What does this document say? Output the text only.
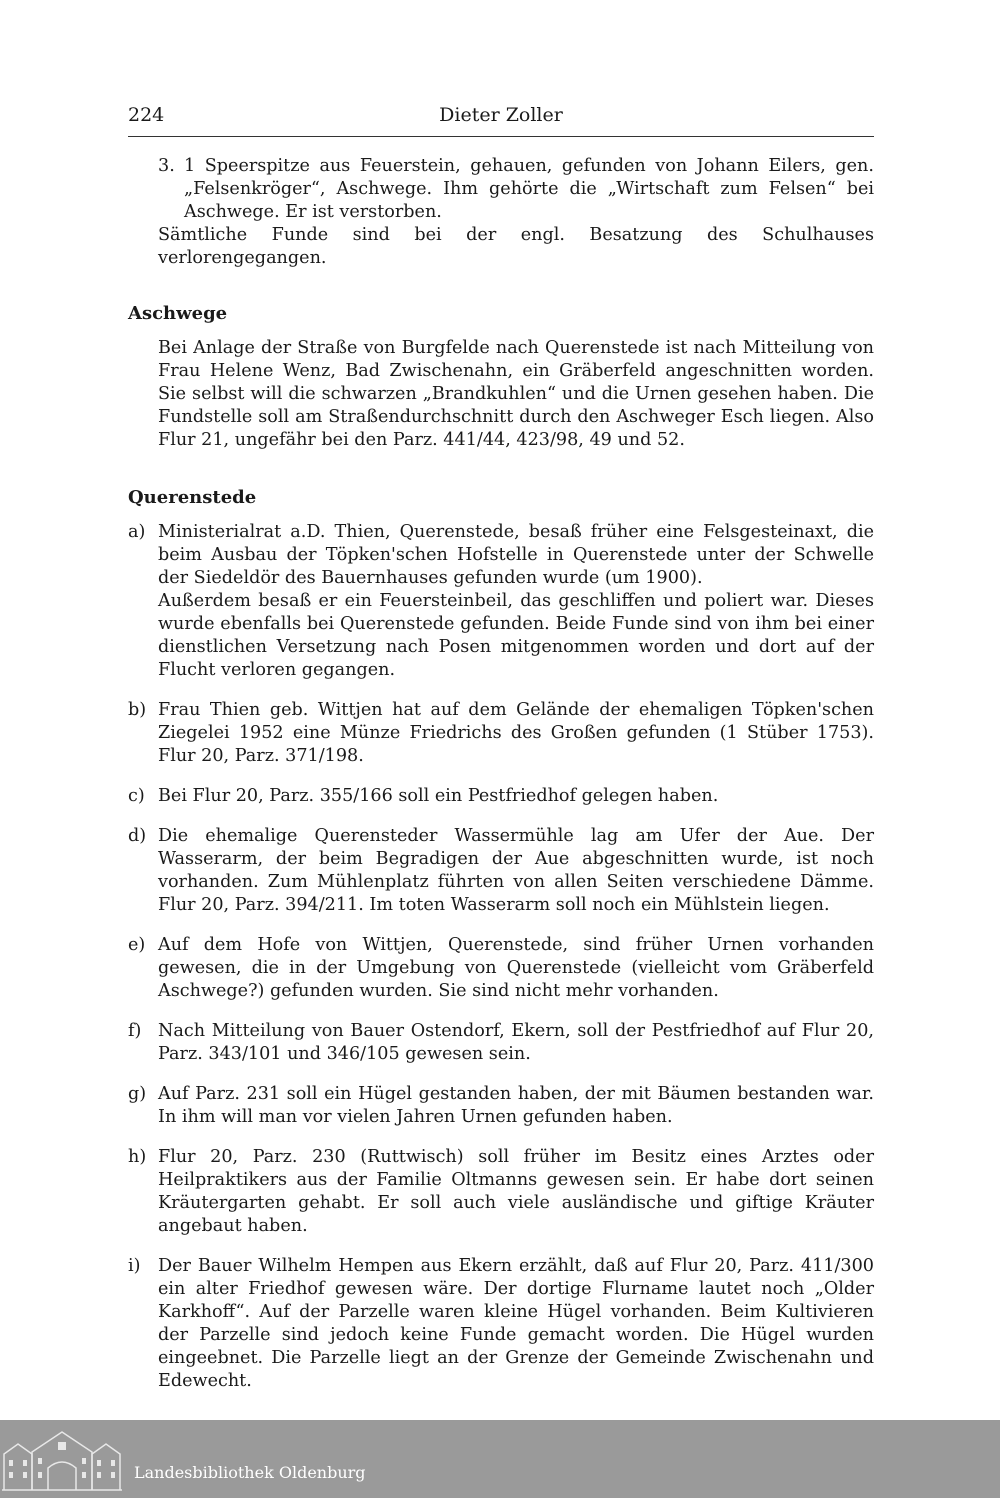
224	Dieter Zoller
3. 1 Speerspitze aus Feuerstein, gehauen, gefunden von Johann Eilers, gen. „Felsenkröger“, Aschwege. Ihm gehörte die „Wirtschaft zum Felsen“ bei Aschwege. Er ist verstorben.
Sämtliche Funde sind bei der engl. Besatzung des Schulhauses verlorengegangen.
Aschwege
Bei Anlage der Straße von Burgfelde nach Querenstede ist nach Mitteilung von Frau Helene Wenz, Bad Zwischenahn, ein Gräberfeld angeschnitten worden. Sie selbst will die schwarzen „Brandkuhlen“ und die Urnen gesehen haben. Die Fundstelle soll am Straßendurchschnitt durch den Aschweger Esch liegen. Also Flur 21, ungefähr bei den Parz. 441/44, 423/98, 49 und 52.
Querenstede
a) Ministerialrat a.D. Thien, Querenstede, besaß früher eine Felsgesteinaxt, die beim Ausbau der Töpken'schen Hofstelle in Querenstede unter der Schwelle der Siedeldör des Bauernhauses gefunden wurde (um 1900).

Außerdem besaß er ein Feuersteinbeil, das geschliffen und poliert war. Dieses wurde ebenfalls bei Querenstede gefunden. Beide Funde sind von ihm bei einer dienstlichen Versetzung nach Posen mitgenommen worden und dort auf der Flucht verloren gegangen.

b) Frau Thien geb. Wittjen hat auf dem Gelände der ehemaligen Töpken'schen Ziegelei 1952 eine Münze Friedrichs des Großen gefunden (1 Stüber 1753). Flur 20, Parz. 371/198.

c) Bei Flur 20, Parz. 355/166 soll ein Pestfriedhof gelegen haben.

d) Die ehemalige Querensteder Wassermühle lag am Ufer der Aue. Der Wasserarm, der beim Begradigen der Aue abgeschnitten wurde, ist noch vorhanden. Zum Mühlenplatz führten von allen Seiten verschiedene Dämme. Flur 20, Parz. 394/211. Im toten Wasserarm soll noch ein Mühlstein liegen.

e) Auf dem Hofe von Wittjen, Querenstede, sind früher Urnen vorhanden gewesen, die in der Umgebung von Querenstede (vielleicht vom Gräberfeld Aschwege?) gefunden wurden. Sie sind nicht mehr vorhanden.

f) Nach Mitteilung von Bauer Ostendorf, Ekern, soll der Pestfriedhof auf Flur 20, Parz. 343/101 und 346/105 gewesen sein.

g) Auf Parz. 231 soll ein Hügel gestanden haben, der mit Bäumen bestanden war. In ihm will man vor vielen Jahren Urnen gefunden haben.

h) Flur 20, Parz. 230 (Ruttwisch) soll früher im Besitz eines Arztes oder Heilpraktikers aus der Familie Oltmanns gewesen sein. Er habe dort seinen Kräutergarten gehabt. Er soll auch viele ausländische und giftige Kräuter angebaut haben.

i) Der Bauer Wilhelm Hempen aus Ekern erzählt, daß auf Flur 20, Parz. 411/300 ein alter Friedhof gewesen wäre. Der dortige Flurname lautet noch „Older Karkhoff“. Auf der Parzelle waren kleine Hügel vorhanden. Beim Kultivieren der Parzelle sind jedoch keine Funde gemacht worden. Die Hügel wurden eingeebnet. Die Parzelle liegt an der Grenze der Gemeinde Zwischenahn und Edewecht.

Landesbibliothek Oldenburg
